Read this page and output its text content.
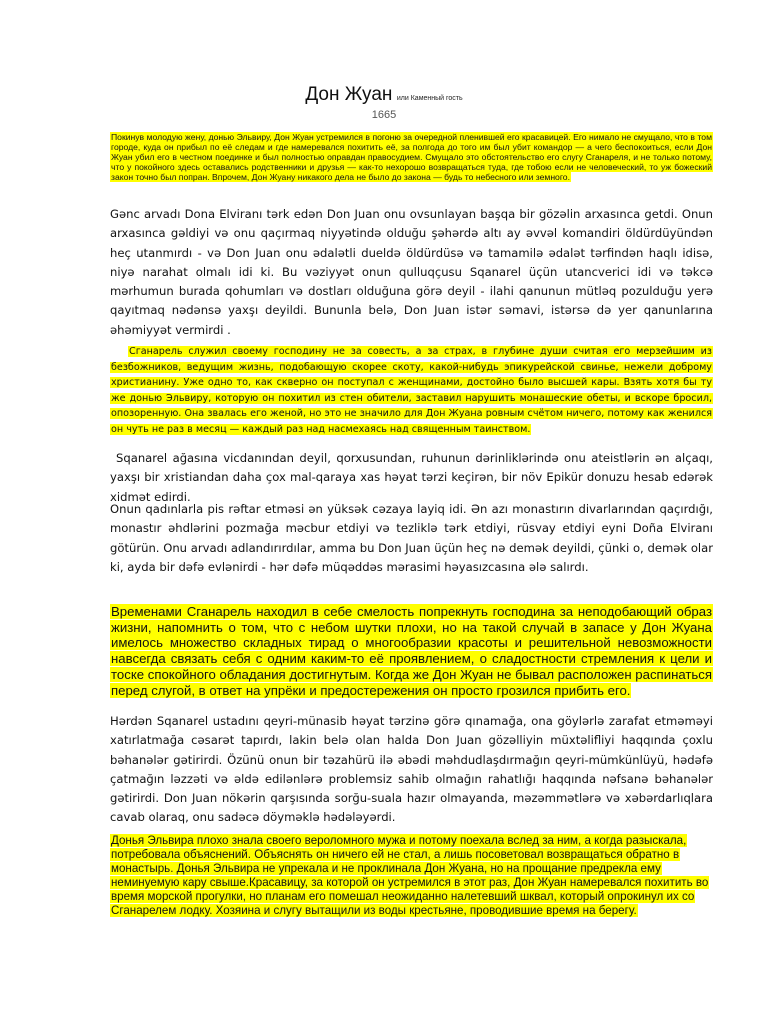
Дон Жуан или Каменный гость
1665

Покинув молодую жену, донью Эльвиру, Дон Жуан устремился в погоню за очередной пленившей его красавицей. Его нимало не смущало, что в том городе, куда он прибыл по её следам и где намеревался похитить её, за полгода до того им был убит командор — а чего беспокоиться, если Дон Жуан убил его в честном поединке и был полностью оправдан правосудием. Смущало это обстоятельство его слугу Сганареля, и не только потому, что у покойного здесь оставались родственники и друзья — как-то нехорошо возвращаться туда, где тобою если не человеческий, то уж божеский закон точно был попран. Впрочем, Дон Жуану никакого дела не было до закона — будь то небесного или земного.

Gənc arvadı Dona Elviranı tərk edən Don Juan onu ovsunlayan başqa bir gözəlin arxasınca getdi. Onun arxasınca gəldiyi və onu qaçırmaq niyyətində olduğu şəhərdə altı ay əvvəl komandiri öldürdüyündən heç utanmırdı - və Don Juan onu ədalətli dueldə öldürdüsə və tamamilə ədalət tərfindən haqlı idisə, niyə narahat olmalı idi ki. Bu vəziyyət onun qulluqçusu Sqanarel üçün utancverici idi və təkcə mərhumun burada qohumları və dostları olduğuna görə deyil - ilahi qanunun mütləq pozulduğu yerə qayıtmaq nədənsə yaxşı deyildi. Bununla belə, Don Juan istər səmavi, istərsə də yer qanunlarına əhəmiyyət vermirdi .

Сганарель служил своему господину не за совесть, а за страх, в глубине души считая его мерзейшим из безбожников, ведущим жизнь, подобающую скорее скоту, какой-нибудь эпикурейской свинье, нежели доброму христианину. Уже одно то, как скверно он поступал с женщинами, достойно было высшей кары. Взять хотя бы ту же донью Эльвиру, которую он похитил из стен обители, заставил нарушить монашеские обеты, и вскоре бросил, опозоренную. Она звалась его женой, но это не значило для Дон Жуана ровным счётом ничего, потому как женился он чуть не раз в месяц — каждый раз над насмехаясь над священным таинством.

Sqanarel ağasına vicdanından deyil, qorxusundan, ruhunun dərinliklərində onu ateistlərin ən alçaqı, yaxşı bir xristiandan daha çox mal-qaraya xas həyat tərzi keçirən, bir növ Epikür donuzu hesab edərək xidmət edirdi.

Onun qadınlarla pis rəftar etməsi ən yüksək cəzaya layiq idi. Ən azı monastırın divarlarından qaçırdığı, monastır əhdlərini pozmağa məcbur etdiyi və tezliklə tərk etdiyi, rüsvay etdiyi eyni Doña Elviranı götürün. Onu arvadı adlandırırdılar, amma bu Don Juan üçün heç nə demək deyildi, çünki o, demək olar ki, ayda bir dəfə evlənirdi - hər dəfə müqəddəs mərasimi həyasızcasına ələ salırdı.

Временами Сганарель находил в себе смелость попрекнуть господина за неподобающий образ жизни, напомнить о том, что с небом шутки плохи, но на такой случай в запасе у Дон Жуана имелось множество складных тирад о многообразии красоты и решительной невозможности навсегда связать себя с одним каким-то её проявлением, о сладостности стремления к цели и тоске спокойного обладания достигнутым. Когда же Дон Жуан не бывал расположен распинаться перед слугой, в ответ на упрёки и предостережения он просто грозился прибить его.

Hərdən Sqanarel ustadını qeyri-münasib həyat tərzinə görə qınamağa, ona göylərlə zarafat etməməyi xatırlatmağa cəsarət tapırdı, lakin belə olan halda Don Juan gözəlliyin müxtəlifliyi haqqında çoxlu bəhanələr gətirirdi. Özünü onun bir təzahürü ilə əbədi məhdudlaşdırmağın qeyri-mümkünlüyü, hədəfə çatmağın ləzzəti və əldə edilənlərə problemsiz sahib olmağın rahatlığı haqqında nəfsanə bəhanələr gətirirdi. Don Juan nökərin qarşısında sorğu-suala hazır olmayanda, məzəmmətlərə və xəbərdarlıqlara cavab olaraq, onu sadəcə döyməklə hədələyərdi.

Донья Эльвира плохо знала своего вероломного мужа и потому поехала вслед за ним, а когда разыскала, потребовала объяснений. Объяснять он ничего ей не стал, а лишь посоветовал возвращаться обратно в монастырь. Донья Эльвира не упрекала и не проклинала Дон Жуана, но на прощание предрекла ему неминуемую кару свыше.Красавицу, за которой он устремился в этот раз, Дон Жуан намеревался похитить во время морской прогулки, но планам его помешал неожиданно налетевший шквал, который опрокинул их со Сганарелем лодку. Хозяина и слугу вытащили из воды крестьяне, проводившие время на берегу.
